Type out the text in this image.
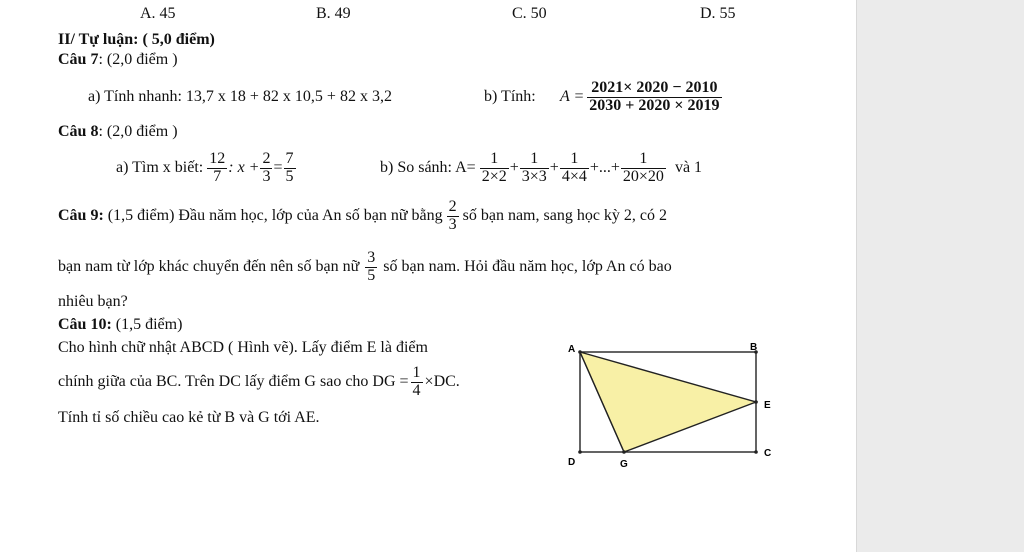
A. 45	B. 49	C. 50	D. 55
II/ Tự luận: ( 5,0 điểm)
Câu 7: (2,0 điểm )
a) Tính nhanh: 13,7 x 18 + 82 x 10,5 + 82 x 3,2	b) Tính: $A = \frac{2021\times 2020 - 2010}{2030 + 2020 \times 2019}$
Câu 8: (2,0 điểm )
a) Tìm x biết: $\frac{12}{7}$ : $x + \frac{2}{3} = \frac{7}{5}$	b) So sánh: $A= \frac{1}{2\times 2} + \frac{1}{3\times 3} + \frac{1}{4\times 4}$ +...+ $\frac{1}{20\times 20}$ và 1
Câu 9:
(1,5 điểm) Đầu năm học, lớp của An số bạn nữ bằng $\frac{2}{3}$ số bạn nam, sang học kỳ 2, có 2
bạn nam từ lớp khác chuyển đến nên số bạn nữ $\frac{3}{5}$ số bạn nam. Hỏi đầu năm học, lớp An có bao
nhiêu bạn?
Câu 10: (1,5 điểm)
Cho hình chữ nhật ABCD ( Hình vẽ). Lấy điểm E là điểm
chính giữa của BC. Trên DC lấy điểm G sao cho DG = $\frac{1}{4} \times DC$.
Tính tỉ số chiều cao kẻ từ B và G tới AE.
A	B
E
C
D	G
